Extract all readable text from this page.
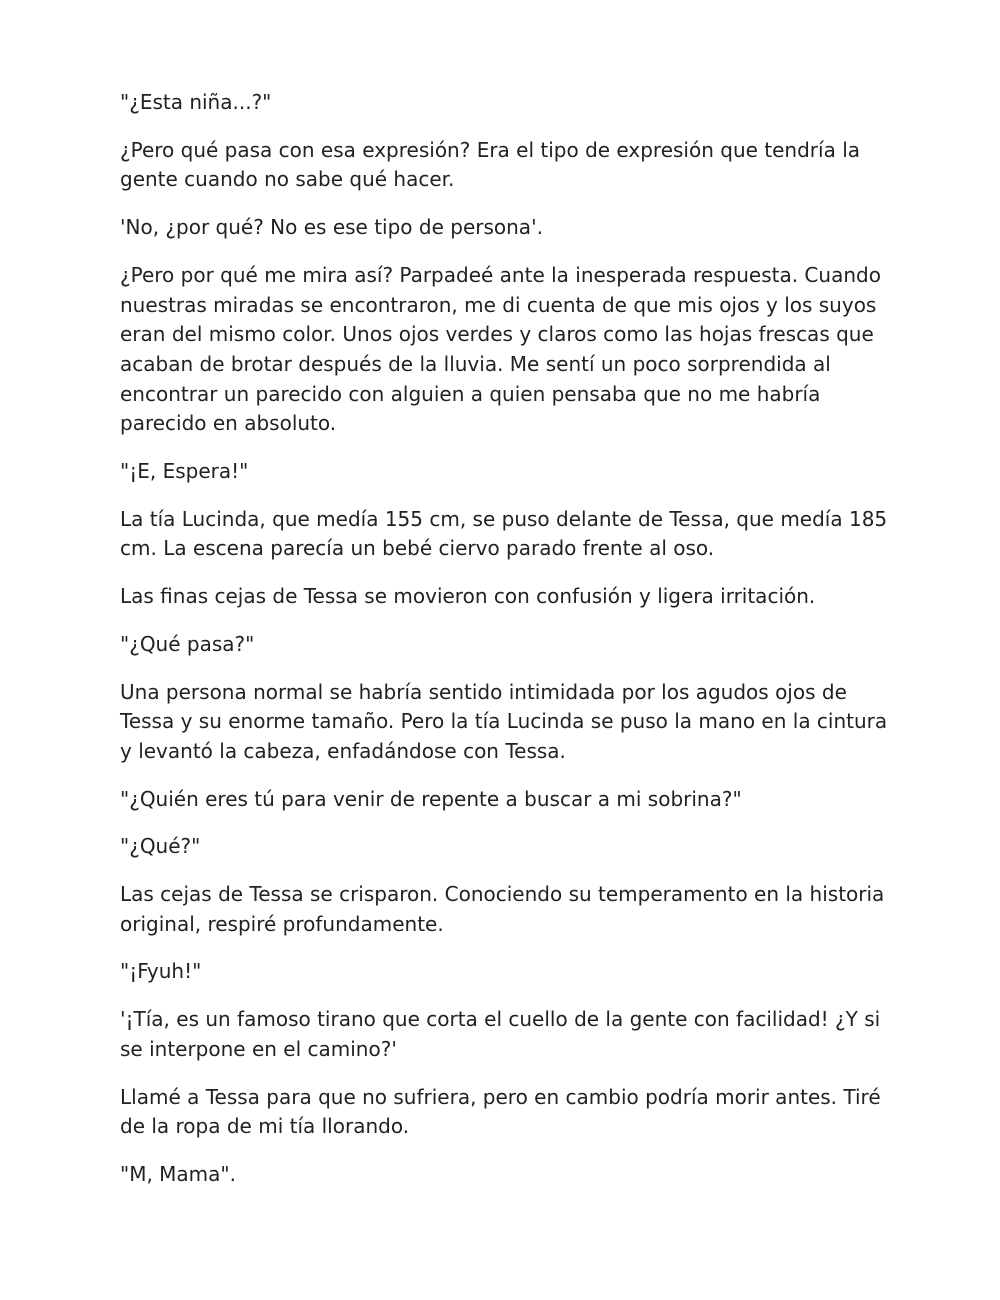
"¿Esta niña...?"

¿Pero qué pasa con esa expresión? Era el tipo de expresión que tendría la gente cuando no sabe qué hacer.

'No, ¿por qué? No es ese tipo de persona'.

¿Pero por qué me mira así? Parpadeé ante la inesperada respuesta. Cuando nuestras miradas se encontraron, me di cuenta de que mis ojos y los suyos eran del mismo color. Unos ojos verdes y claros como las hojas frescas que acaban de brotar después de la lluvia. Me sentí un poco sorprendida al encontrar un parecido con alguien a quien pensaba que no me habría parecido en absoluto.

"¡E, Espera!"

La tía Lucinda, que medía 155 cm, se puso delante de Tessa, que medía 185 cm. La escena parecía un bebé ciervo parado frente al oso.

Las finas cejas de Tessa se movieron con confusión y ligera irritación.

"¿Qué pasa?"

Una persona normal se habría sentido intimidada por los agudos ojos de Tessa y su enorme tamaño. Pero la tía Lucinda se puso la mano en la cintura y levantó la cabeza, enfadándose con Tessa.

"¿Quién eres tú para venir de repente a buscar a mi sobrina?"

"¿Qué?"

Las cejas de Tessa se crisparon. Conociendo su temperamento en la historia original, respiré profundamente.

"¡Fyuh!"

'¡Tía, es un famoso tirano que corta el cuello de la gente con facilidad! ¿Y si se interpone en el camino?'

Llamé a Tessa para que no sufriera, pero en cambio podría morir antes. Tiré de la ropa de mi tía llorando.

"M, Mama".
